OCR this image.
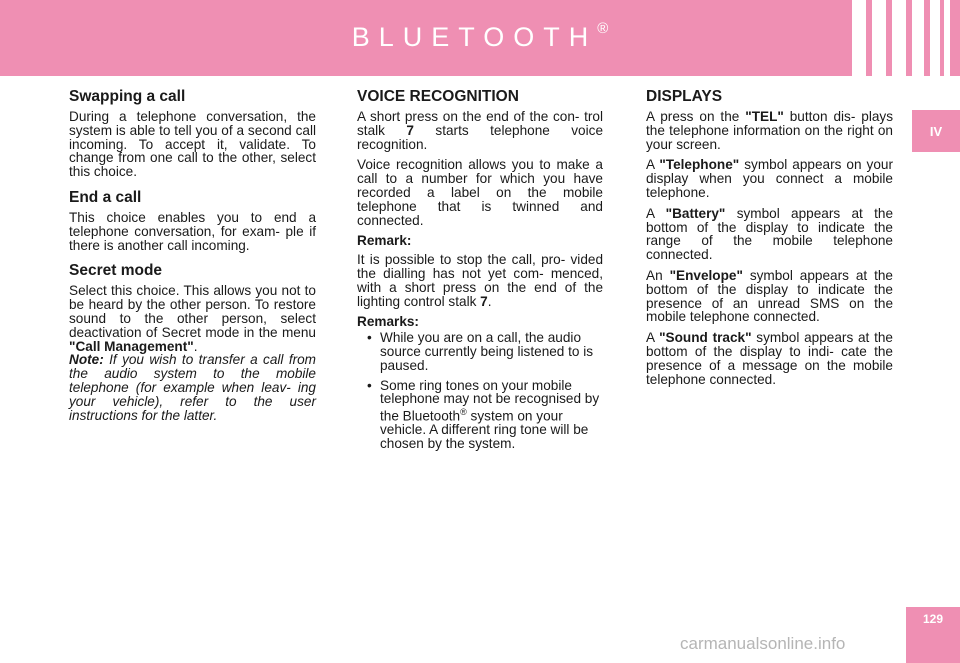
BLUETOOTH®
IV
Swapping a call

During a telephone conversation, the system is able to tell you of a second call incoming. To accept it, validate. To change from one call to the other, select this choice.

End a call

This choice enables you to end a telephone conversation, for exam- ple if there is another call incoming.

Secret mode

Select this choice. This allows you not to be heard by the other person. To restore sound to the other person, select deactivation of Secret mode in the menu "Call Management".

Note: If you wish to transfer a call from the audio system to the mobile telephone (for example when leav- ing your vehicle), refer to the user instructions for the latter.

VOICE RECOGNITION

A short press on the end of the con- trol stalk 7 starts telephone voice recognition.

Voice recognition allows you to make a call to a number for which you have recorded a label on the mobile telephone that is twinned and connected.

Remark:

It is possible to stop the call, pro- vided the dialling has not yet com- menced, with a short press on the end of the lighting control stalk 7.

Remarks:

• While you are on a call, the audio source currently being listened to is paused.
• Some ring tones on your mobile telephone may not be recognised by the Bluetooth® system on your vehicle. A different ring tone will be chosen by the system.
DISPLAYS

A press on the "TEL" button dis- plays the telephone information on the right on your screen.

A "Telephone" symbol appears on your display when you connect a mobile telephone.

A "Battery" symbol appears at the bottom of the display to indicate the range of the mobile telephone connected.

An "Envelope" symbol appears at the bottom of the display to indicate the presence of an unread SMS on the mobile telephone connected.

A "Sound track" symbol appears at the bottom of the display to indi- cate the presence of a message on the mobile telephone connected.

carmanualsonline.info
129
